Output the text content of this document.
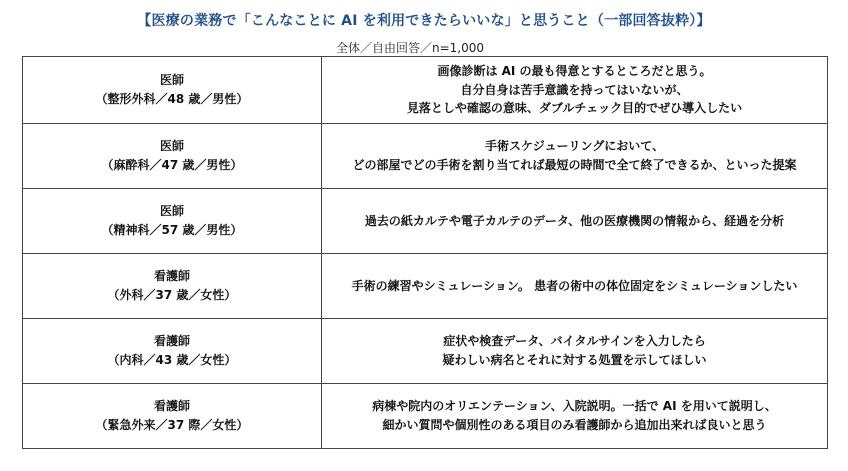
【医療の業務で「こんなことに AI を利用できたらいいな」と思うこと（一部回答抜粋）】
全体／自由回答／n=1,000
医師
（整形外科／48 歳／男性）	画像診断は AI の最も得意とするところだと思う。
自分自身は苦手意識を持ってはいないが、
見落としや確認の意味、ダブルチェック目的でぜひ導入したい

医師
（麻酔科／47 歳／男性）	手術スケジューリングにおいて、
どの部屋でどの手術を割り当てれば最短の時間で全て終了できるか、といった提案

医師
（精神科／57 歳／男性）	過去の紙カルテや電子カルテのデータ、他の医療機関の情報から、経過を分析

看護師
（外科／37 歳／女性）	手術の練習やシミュレーション。 患者の術中の体位固定をシミュレーションしたい

看護師
（内科／43 歳／女性）	症状や検査データ、バイタルサインを入力したら
疑わしい病名とそれに対する処置を示してほしい

看護師
（緊急外来／37 際／女性）	病棟や院内のオリエンテーション、入院説明。一括で AI を用いて説明し、
細かい質問や個別性のある項目のみ看護師から追加出来れば良いと思う
